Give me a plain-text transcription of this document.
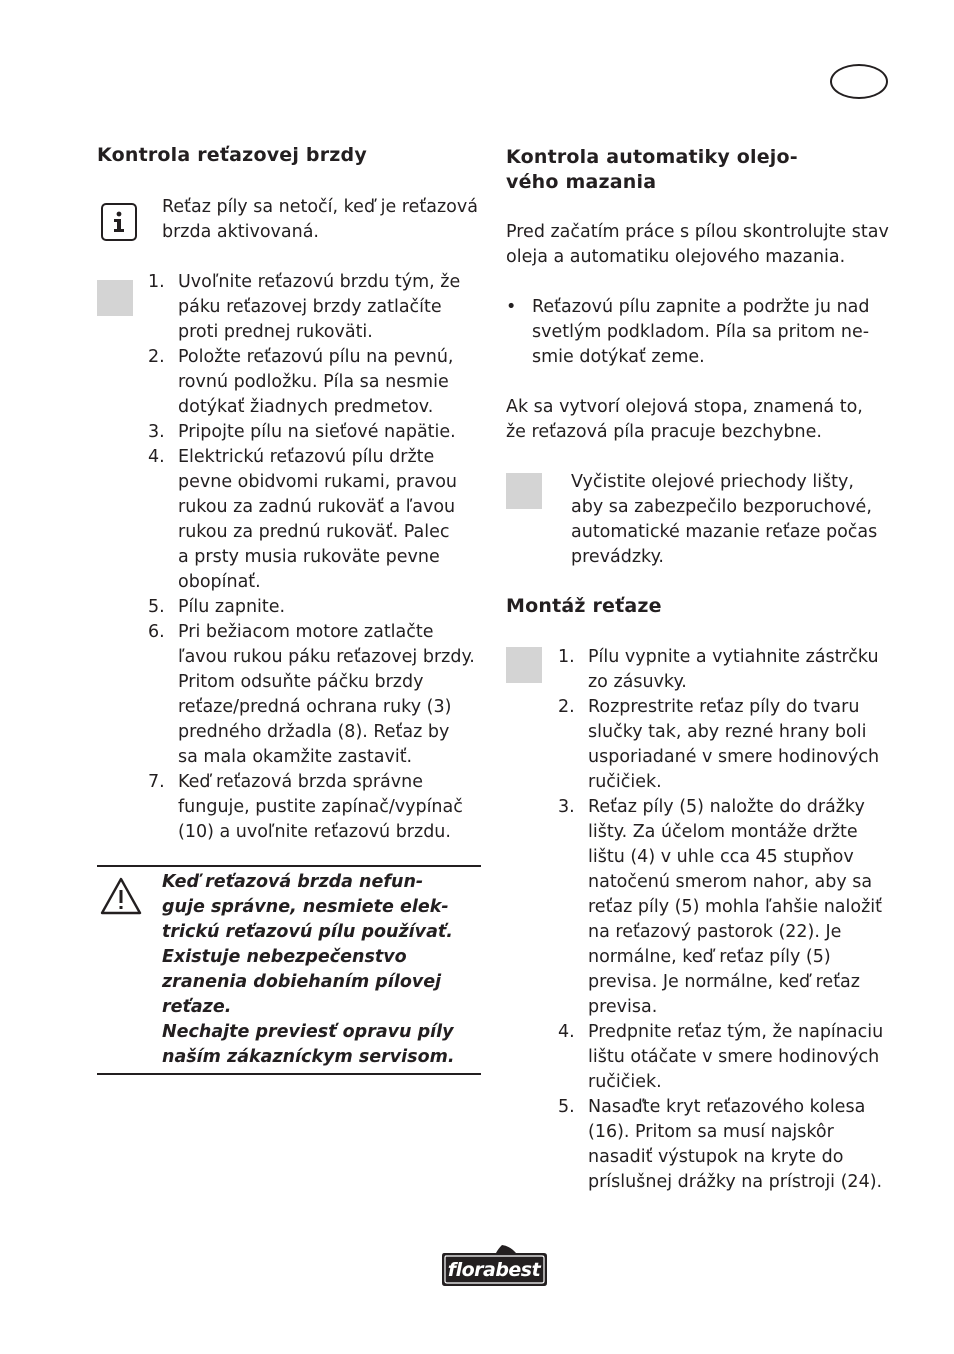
Kontrola reťazovej brzdy
Reťaz píly sa netočí, keď je reťazová
brzda aktivovaná.
1. Uvoľnite reťazovú brzdu tým, že
páku reťazovej brzdy zatlačíte
proti prednej rukoväti.
2. Položte reťazovú pílu na pevnú,
rovnú podložku. Píla sa nesmie
dotýkať žiadnych predmetov.
3. Pripojte pílu na sieťové napätie.
4. Elektrickú reťazovú pílu držte
pevne obidvomi rukami, pravou
rukou za zadnú rukoväť a ľavou
rukou za prednú rukoväť. Palec
a prsty musia rukoväte pevne
obopínať.
5. Pílu zapnite.
6. Pri bežiacom motore zatlačte
ľavou rukou páku reťazovej brzdy.
Pritom odsuňte páčku brzdy
reťaze/predná ochrana ruky (3)
predného držadla (8). Reťaz by
sa mala okamžite zastaviť.
7. Keď reťazová brzda správne
funguje, pustite zapínač/vypínač
(10) a uvoľnite reťazovú brzdu.
Keď reťazová brzda nefun-
guje správne, nesmiete elek-
trickú reťazovú pílu používať.
Existuje nebezpečenstvo
zranenia dobiehaním pílovej
reťaze.
Nechajte previesť opravu píly
naším zákazníckym servisom.
Kontrola automatiky olejo-
vého mazania
Pred začatím práce s pílou skontrolujte stav
oleja a automatiku olejového mazania.
• Reťazovú pílu zapnite a podržte ju nad
svetlým podkladom. Píla sa pritom ne-
smie dotýkať zeme.
Ak sa vytvorí olejová stopa, znamená to,
že reťazová píla pracuje bezchybne.
Vyčistite olejové priechody lišty,
aby sa zabezpečilo bezporuchové,
automatické mazanie reťaze počas
prevádzky.
Montáž reťaze
1. Pílu vypnite a vytiahnite zástrčku
zo zásuvky.
2. Rozprestrite reťaz píly do tvaru
slučky tak, aby rezné hrany boli
usporiadané v smere hodinových
ručičiek.
3. Reťaz píly (5) naložte do drážky
lišty. Za účelom montáže držte
lištu (4) v uhle cca 45 stupňov
natočenú smerom nahor, aby sa
reťaz píly (5) mohla ľahšie naložiť
na reťazový pastorok (22). Je
normálne, keď reťaz píly (5)
previsa. Je normálne, keď reťaz
previsa.
4. Predpnite reťaz tým, že napínaciu
lištu otáčate v smere hodinových
ručičiek.
5. Nasaďte kryt reťazového kolesa
(16). Pritom sa musí najskôr
nasadiť výstupok na kryte do
príslušnej drážky na prístroji (24).
florabest
